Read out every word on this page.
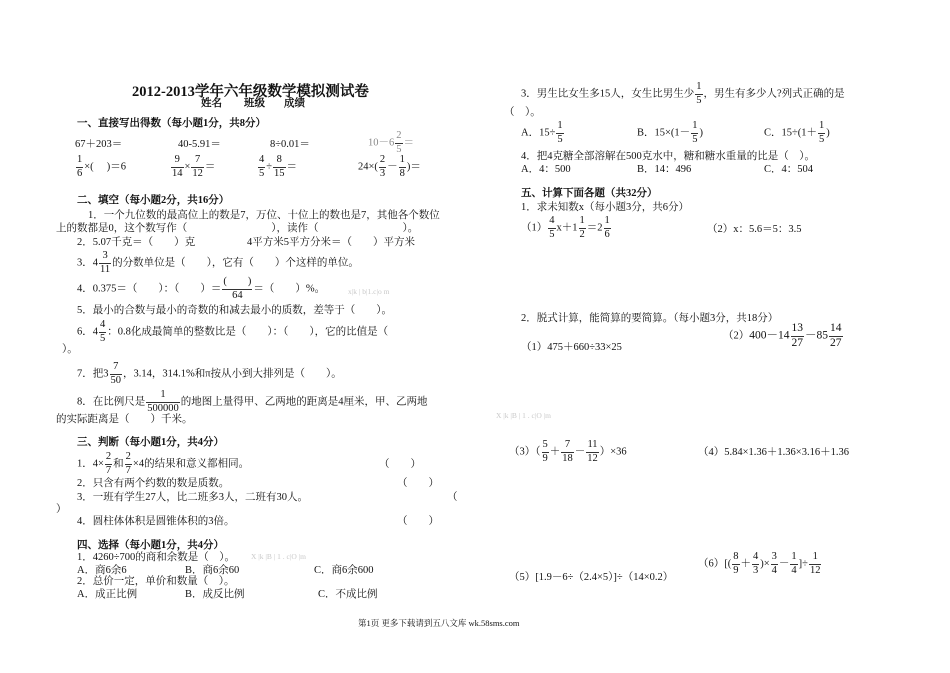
2012-2013学年六年级数学模拟测试卷
姓名 班级 成绩
一、直接写出得数（每小题1分，共8分）
67＋203＝	40-5.91＝	8÷0.01＝	$10-6 \frac{2}{5}$ ＝
$\frac{1}{6}$ ×(　 )＝6	$\frac{9}{14} \times \frac{7}{12}$ ＝	$\frac{4}{5} \div \frac{8}{15}$ ＝	$24\times( \frac{2}{3} - \frac{1}{8}$ )＝
二、填空（每小题2分，共16分）
1．一个九位数的最高位上的数是7，万位、十位上的数也是7，其他各个数位
上的数都是0，这个数写作（　　　　　　　　），读作（　　　　　　　　）。
2．5.07千克＝（　　）克	4平方米5平方分米＝（　　）平方米
3．$4 \frac{3}{11}$ 的分数单位是（　　），它有（　　）个这样的单位。
4．0.375＝（　　）：（　　）＝
(　　)
64
＝（　　）%。	x|k | b|1.c|o m
5．最小的合数与最小的奇数的和减去最小的质数，差等于（　　）。
6．$4 \frac{4}{5}$ ：0.8化成最简单的整数比是（　　）：（　　），它的比值是（
）。
7．把$3 \frac{7}{50}$ ，3.14，314.1%和π按从小到大排列是（　　）。
8．在比例尺是 $\frac{1}{500000}$ 的地图上量得甲、乙两地的距离是4厘米，甲、乙两地
的实际距离是（　　）千米。
三、判断（每小题1分，共4分）
1．$4\times \frac{2}{7}$ 和 $\frac{2}{7} \times 4$的结果和意义都相同。	（　　）
2．只含有两个约数的数是质数。	（　　）
3．一班有学生27人，比二班多3人，二班有30人。	（
）
4．圆柱体体积是圆锥体积的3倍。	（　　）
四、选择（每小题1分，共4分）
1．4260÷700的商和余数是（　）。 X |k |B | 1 . c|O |m
A．商6余6	B．商6余60	C．商6余600
2．总价一定，单价和数量（　）。
A．成正比例	B．成反比例	C．不成比例
3．男生比女生多15人，女生比男生少 $\frac{1}{5}$ ，男生有多少人?列式正确的是
（　）。
A．$15\div \frac{1}{5}$	B．$15\times(1- \frac{1}{5}$ )	C．$15\div(1+ \frac{1}{5}$ )
4．把4克糖全部溶解在500克水中，糖和糖水重量的比是（　）。
A．4：500	B．14：496	C．4：504
五、计算下面各题（共32分）
1．求未知数x（每小题3分，共6分）
$(1) \frac{4}{5} x+1 \frac{1}{2} =2 \frac{1}{6}$	（2）x：5.6＝5：3.5
2．脱式计算，能简算的要简算。（每小题3分，共18分）
（1）475＋660÷33×25
$(2)400-14 \frac{13}{27} -85 \frac{14}{27}$
X |k |B | 1 . c|O |m
$(3)( \frac{5}{9} + \frac{7}{18} - \frac{11}{12} )\times 36$	（4）5.84×1.36＋1.36×3.16＋1.36
（5）[1.9－6÷（2.4×5）]÷（14×0.2）
$(6)[( \frac{8}{9} + \frac{4}{3}$ )× $\frac{3}{4} - \frac{1}{4}$ ]÷ $\frac{1}{12}$
第1页 更多下载请到五八文库 wk.58sms.com
